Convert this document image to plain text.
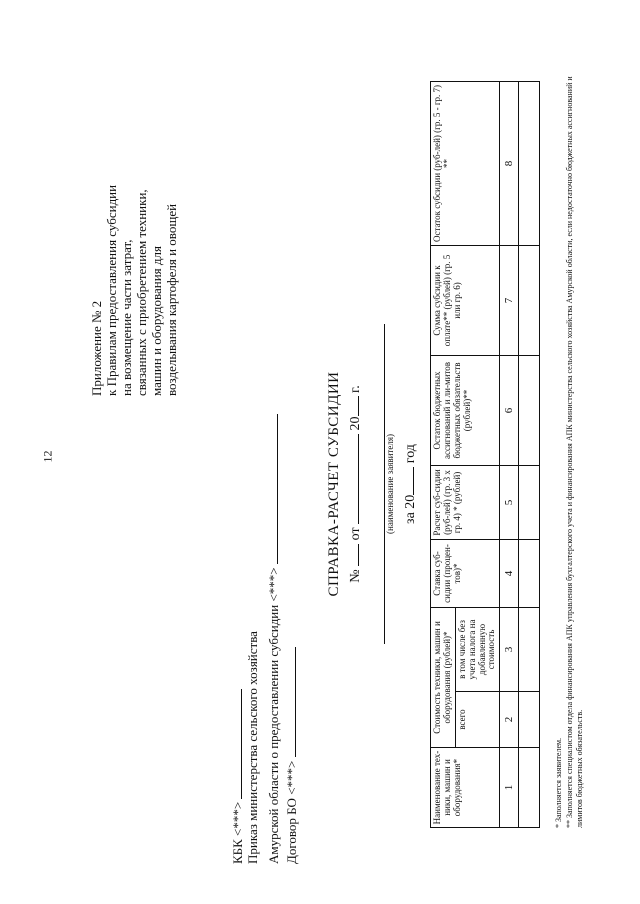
12
Приложение № 2 к Правилам предоставления субсидии на возмещение части затрат, связанных с приобретением техники, машин и оборудования для возделывания картофеля и овощей
КБК <***> Приказ министерства сельского хозяйства Амурской области о предоставлении субсидии <***> Договор БО <***>
СПРАВКА-РАСЧЕТ СУБСИДИИ №  от  20 г.
(наименование заявителя) за 20 год
Наименование тех-ники, машин и оборудования*	Стоимость техники, машин и оборудования (рублей)*		Ставка суб-сидии (процен-тов)*	Расчет суб-сидии (руб-лей) (гр. 3 х гр. 4) * (рублей)	Остаток бюджетных ассигнований и ли-митов бюджетных обязательств (рублей)**	Сумма субсидии к оплате** (рублей) (гр. 5 или гр. 6)	Остаток субсидии (руб-лей) (гр. 5 - гр. 7) **
	всего	в том числе без учета налога на добавленную стоимость					
1	2	3	4	5	6	7	8

* Заполняется заявителем. ** Заполняется специалистом отдела финансирования АПК управления бухгалтерского учета и финансирования АПК министерства сельского хозяйства Амурской области, если недостаточно бюджетных ассигнований и лимитов бюджетных обязательств.
